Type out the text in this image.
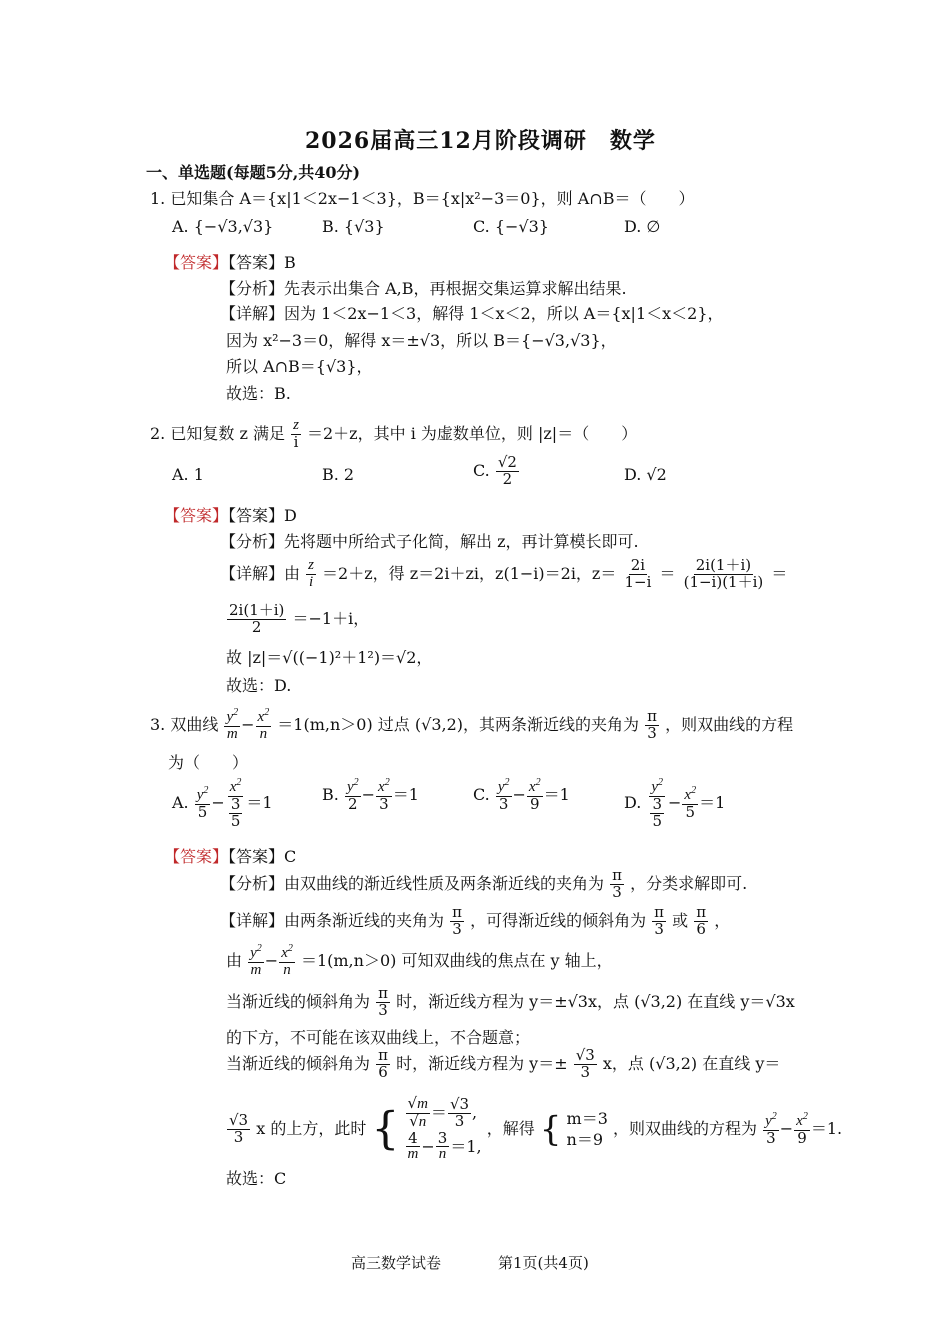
2026届高三12月阶段调研　数学
一、单选题(每题5分,共40分)
1. 已知集合 A＝{x|1＜2x−1＜3}，B＝{x|x²−3＝0}，则 A∩B＝（　　）
A. {−√3,√3}	B. {√3}	C. {−√3}	D. ∅
【答案】【答案】B
【分析】先表示出集合 A,B，再根据交集运算求解出结果.
【详解】因为 1＜2x−1＜3，解得 1＜x＜2，所以 A＝{x|1＜x＜2}，
因为 x²−3＝0，解得 x＝±√3，所以 B＝{−√3,√3}，
所以 A∩B＝{√3}，
故选：B.
2. 已知复数 z 满足 $\frac{z}{i} =2+z$，其中 i 为虚数单位，则 |z|＝（　　）
A. 1	B. 2	C. $\frac{√2}{2}$	D. √2
【答案】【答案】D
【分析】先将题中所给式子化简，解出 z，再计算模长即可.
【详解】由 $\frac{z}{i} =2+z$，得 z＝2i＋zi，z(1−i)＝2i，$z= \frac{2i}{1-i} = \frac{2i(1+i)}{(1-i)(1+i)}$ ＝
$\frac{2i(1+i)}{2} =-1+i$，
故 |z|＝√((−1)²＋1²)＝√2，
故选：D.
3. 双曲线 $\frac{y^2}{m} - \frac{x^2}{n} =1(m,n>0)$ 过点 (√3,2)，其两条渐近线的夹角为 $\frac{\pi}{3}$ ，则双曲线的方程
为（　　）
A. $\frac{y^2}{5} - \frac{x^2}{\frac{3}{5}} =1$	B. $\frac{y^2}{2} - \frac{x^2}{3} =1$	C. $\frac{y^2}{3} - \frac{x^2}{9} =1$	D. $\frac{y^2}{\frac{3}{5}} - \frac{x^2}{5} =1$
【答案】【答案】C
【分析】由双曲线的渐近线性质及两条渐近线的夹角为 $\frac{\pi}{3}$ ，分类求解即可.
【详解】由两条渐近线的夹角为 $\frac{\pi}{3}$ ，可得渐近线的倾斜角为 $\frac{\pi}{3}$ 或 $\frac{\pi}{6}$ ，
由 $\frac{y^2}{m} - \frac{x^2}{n} =1(m,n>0)$ 可知双曲线的焦点在 y 轴上，
当渐近线的倾斜角为 $\frac{\pi}{3}$ 时，渐近线方程为 y＝±√3x，点 (√3,2) 在直线 y＝√3x
的下方，不可能在该双曲线上，不合题意；
当渐近线的倾斜角为 $\frac{\pi}{6}$ 时，渐近线方程为 $y=\pm \frac{√3}{3}$ x，点 (√3,2) 在直线 y＝
$\frac{√3}{3}$ x 的上方，此时 { $\frac{√m}{√n} = \frac{√3}{3}$ ,
$\frac{4}{m} - \frac{3}{n} =1$,
，解得 { m＝3
n＝9
，则双曲线的方程为 $\frac{y^2}{3} - \frac{x^2}{9} =1$.
故选：C
高三数学试卷	第1页(共4页)
